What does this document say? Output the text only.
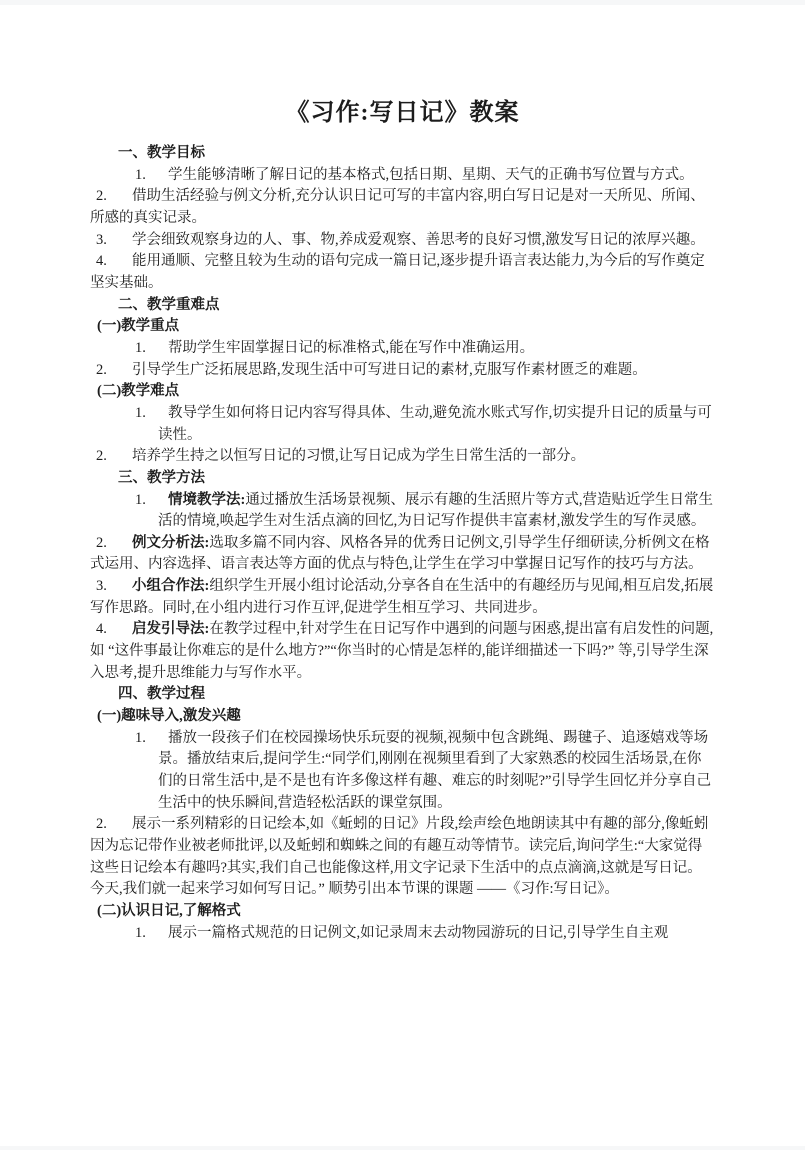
《习作:写日记》教案

一、教学目标

1. 学生能够清晰了解日记的基本格式,包括日期、星期、天气的正确书写位置与方式。

2. 借助生活经验与例文分析,充分认识日记可写的丰富内容,明白写日记是对一天所见、所闻、所感的真实记录。

3. 学会细致观察身边的人、事、物,养成爱观察、善思考的良好习惯,激发写日记的浓厚兴趣。

4. 能用通顺、完整且较为生动的语句完成一篇日记,逐步提升语言表达能力,为今后的写作奠定坚实基础。

二、教学重难点

(一)教学重点

1. 帮助学生牢固掌握日记的标准格式,能在写作中准确运用。

2. 引导学生广泛拓展思路,发现生活中可写进日记的素材,克服写作素材匮乏的难题。

(二)教学难点

1. 教导学生如何将日记内容写得具体、生动,避免流水账式写作,切实提升日记的质量与可读性。

2. 培养学生持之以恒写日记的习惯,让写日记成为学生日常生活的一部分。

三、教学方法

1. 情境教学法:通过播放生活场景视频、展示有趣的生活照片等方式,营造贴近学生日常生活的情境,唤起学生对生活点滴的回忆,为日记写作提供丰富素材,激发学生的写作灵感。

2. 例文分析法:选取多篇不同内容、风格各异的优秀日记例文,引导学生仔细研读,分析例文在格式运用、内容选择、语言表达等方面的优点与特色,让学生在学习中掌握日记写作的技巧与方法。

3. 小组合作法:组织学生开展小组讨论活动,分享各自在生活中的有趣经历与见闻,相互启发,拓展写作思路。同时,在小组内进行习作互评,促进学生相互学习、共同进步。

4. 启发引导法:在教学过程中,针对学生在日记写作中遇到的问题与困惑,提出富有启发性的问题,如 “这件事最让你难忘的是什么地方?”“你当时的心情是怎样的,能详细描述一下吗?” 等,引导学生深入思考,提升思维能力与写作水平。

四、教学过程

(一)趣味导入,激发兴趣

1. 播放一段孩子们在校园操场快乐玩耍的视频,视频中包含跳绳、踢毽子、追逐嬉戏等场景。播放结束后,提问学生:“同学们,刚刚在视频里看到了大家熟悉的校园生活场景,在你们的日常生活中,是不是也有许多像这样有趣、难忘的时刻呢?”引导学生回忆并分享自己生活中的快乐瞬间,营造轻松活跃的课堂氛围。

2. 展示一系列精彩的日记绘本,如《蚯蚓的日记》片段,绘声绘色地朗读其中有趣的部分,像蚯蚓因为忘记带作业被老师批评,以及蚯蚓和蜘蛛之间的有趣互动等情节。读完后,询问学生:“大家觉得这些日记绘本有趣吗?其实,我们自己也能像这样,用文字记录下生活中的点点滴滴,这就是写日记。今天,我们就一起来学习如何写日记。” 顺势引出本节课的课题 ——《习作:写日记》。

(二)认识日记,了解格式

1. 展示一篇格式规范的日记例文,如记录周末去动物园游玩的日记,引导学生自主观
